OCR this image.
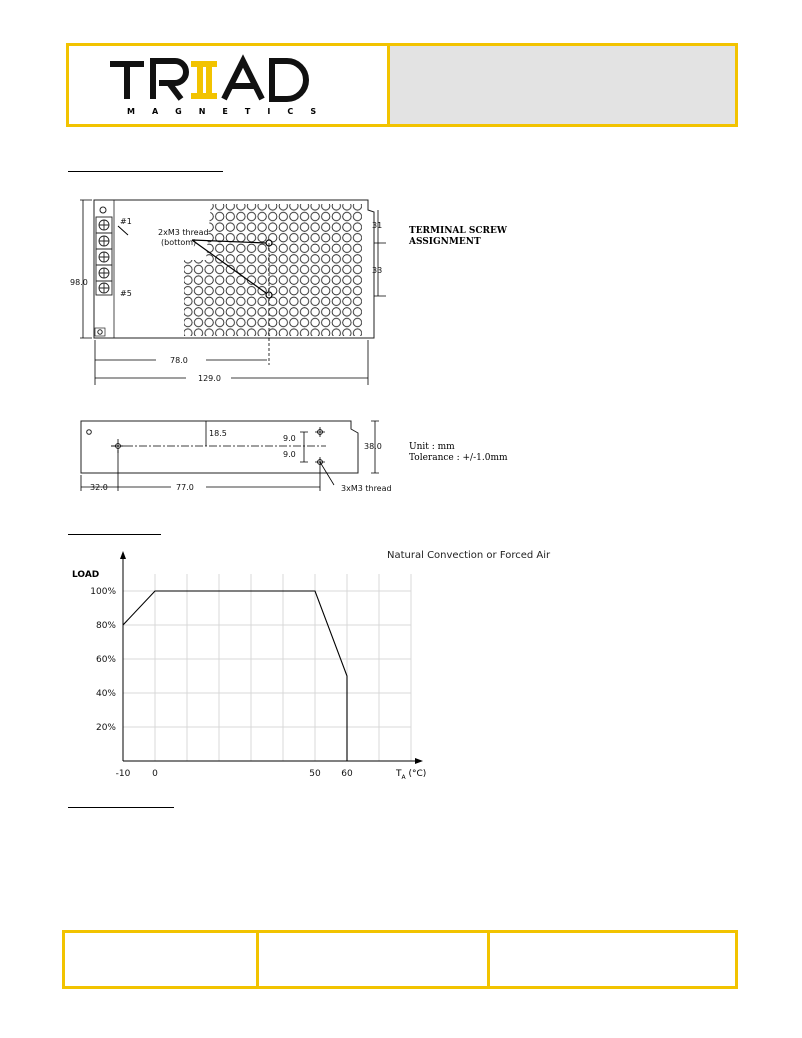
MAGNETICS
#1
#5
2xM3 thread
(bottom)
98.0
31
33
78.0
129.0
TERMINAL SCREW
ASSIGNMENT
18.5
9.0
9.0
38.0
32.0	77.0	3xM3 thread
Unit : mm
Tolerance : +/-1.0mm
Natural Convection or Forced Air
LOAD
20%
40%
60%
80%
100%
-10 0	50 60	$T_A$ (°C)
